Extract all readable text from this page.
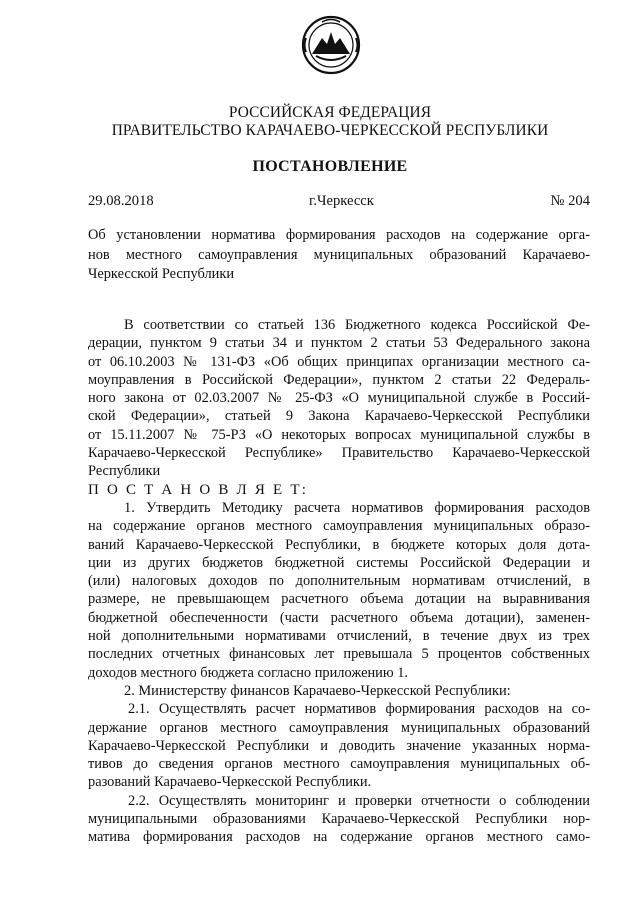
РОССИЙСКАЯ ФЕДЕРАЦИЯ
ПРАВИТЕЛЬСТВО КАРАЧАЕВО-ЧЕРКЕССКОЙ РЕСПУБЛИКИ
ПОСТАНОВЛЕНИЕ
29.08.2018	г.Черкесск	№ 204
Об установлении норматива формирования расходов на содержание орга-
нов местного самоуправления муниципальных образований Карачаево-
Черкесской Республики
В соответствии со статьей 136 Бюджетного кодекса Российской Фе-
дерации, пунктом 9 статьи 34 и пунктом 2 статьи 53 Федерального закона
от 06.10.2003 № 131-ФЗ «Об общих принципах организации местного са-
моуправления в Российской Федерации», пунктом 2 статьи 22 Федераль-
ного закона от 02.03.2007 № 25-ФЗ «О муниципальной службе в Россий-
ской Федерации», статьей 9 Закона Карачаево-Черкесской Республики
от 15.11.2007 № 75-РЗ «О некоторых вопросах муниципальной службы в
Карачаево-Черкесской Республике» Правительство Карачаево-Черкесской
Республики
П О С Т А Н О В Л Я Е Т:
1. Утвердить Методику расчета нормативов формирования расходов
на содержание органов местного самоуправления муниципальных образо-
ваний Карачаево-Черкесской Республики, в бюджете которых доля дота-
ции из других бюджетов бюджетной системы Российской Федерации и
(или) налоговых доходов по дополнительным нормативам отчислений, в
размере, не превышающем расчетного объема дотации на выравнивания
бюджетной обеспеченности (части расчетного объема дотации), заменен-
ной дополнительными нормативами отчислений, в течение двух из трех
последних отчетных финансовых лет превышала 5 процентов собственных
доходов местного бюджета согласно приложению 1.
2. Министерству финансов Карачаево-Черкесской Республики:
2.1. Осуществлять расчет нормативов формирования расходов на со-
держание органов местного самоуправления муниципальных образований
Карачаево-Черкесской Республики и доводить значение указанных норма-
тивов до сведения органов местного самоуправления муниципальных об-
разований Карачаево-Черкесской Республики.
2.2. Осуществлять мониторинг и проверки отчетности о соблюдении
муниципальными образованиями Карачаево-Черкесской Республики нор-
матива формирования расходов на содержание органов местного само-
